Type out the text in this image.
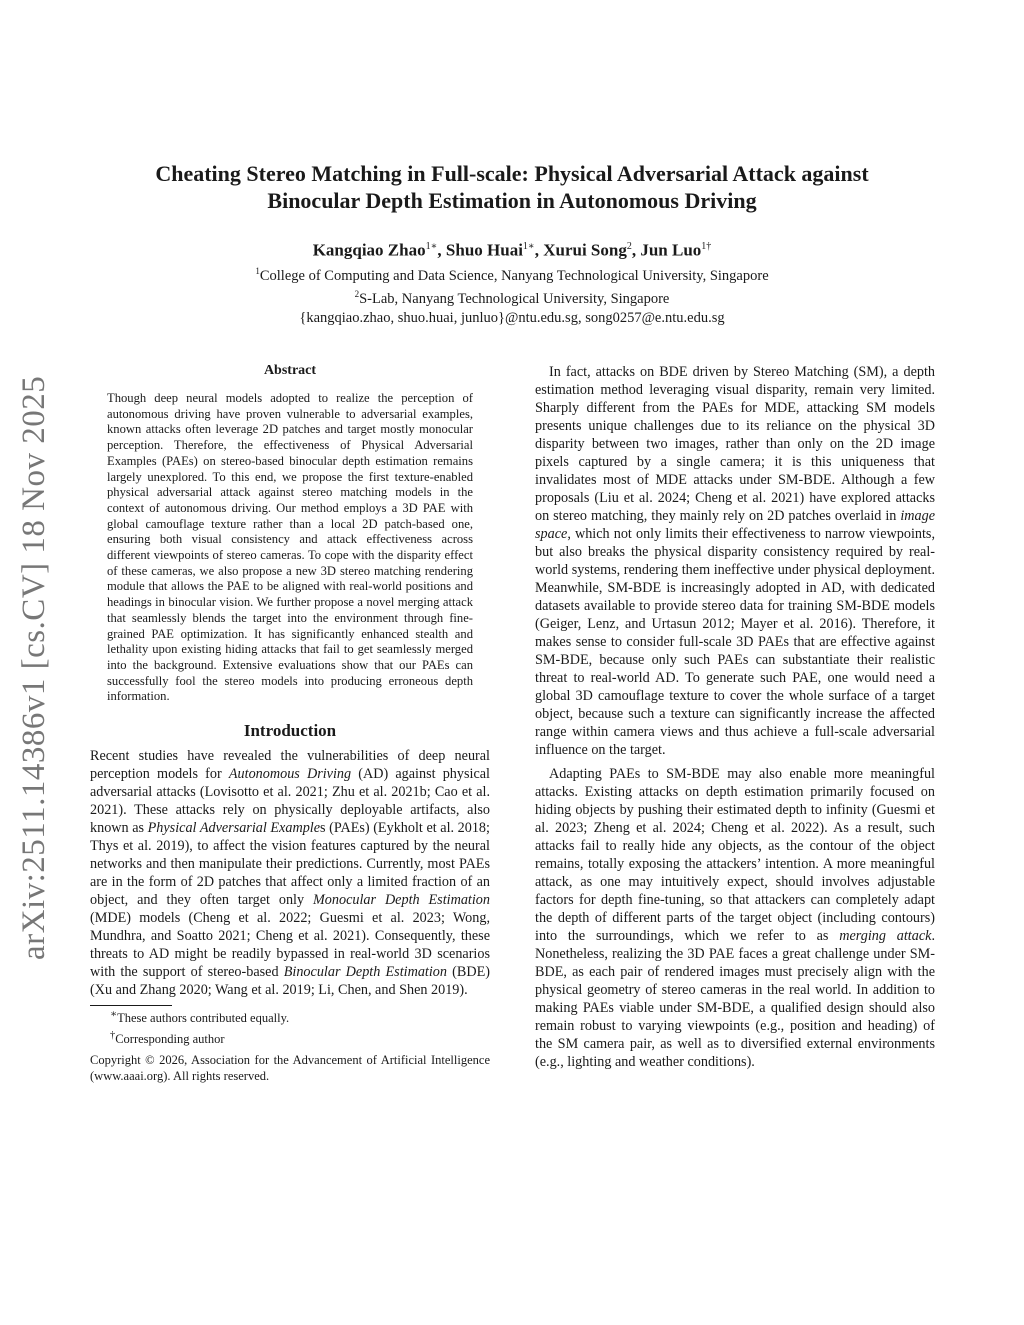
arXiv:2511.14386v1 [cs.CV] 18 Nov 2025
Cheating Stereo Matching in Full-scale: Physical Adversarial Attack against
Binocular Depth Estimation in Autonomous Driving
Kangqiao Zhao$^{1∗}$, Shuo Huai$^{1∗}$, Xurui Song$^2$, Jun Luo$^{1\dagger}$
$^1$College of Computing and Data Science, Nanyang Technological University, Singapore
$^2$S-Lab, Nanyang Technological University, Singapore
{kangqiao.zhao, shuo.huai, junluo}@ntu.edu.sg, song0257@e.ntu.edu.sg
Abstract

Though deep neural models adopted to realize the perception of autonomous driving have proven vulnerable to adversarial examples, known attacks often leverage 2D patches and target mostly monocular perception. Therefore, the effectiveness of Physical Adversarial Examples (PAEs) on stereo-based binocular depth estimation remains largely unexplored. To this end, we propose the first texture-enabled physical adversarial attack against stereo matching models in the context of autonomous driving. Our method employs a 3D PAE with global camouflage texture rather than a local 2D patch-based one, ensuring both visual consistency and attack effectiveness across different viewpoints of stereo cameras. To cope with the disparity effect of these cameras, we also propose a new 3D stereo matching rendering module that allows the PAE to be aligned with real-world positions and headings in binocular vision. We further propose a novel merging attack that seamlessly blends the target into the environment through fine-grained PAE optimization. It has significantly enhanced stealth and lethality upon existing hiding attacks that fail to get seamlessly merged into the background. Extensive evaluations show that our PAEs can successfully fool the stereo models into producing erroneous depth information.

Introduction

Recent studies have revealed the vulnerabilities of deep neural perception models for Autonomous Driving (AD) against physical adversarial attacks (Lovisotto et al. 2021; Zhu et al. 2021b; Cao et al. 2021). These attacks rely on physically deployable artifacts, also known as Physical Adversarial Examples (PAEs) (Eykholt et al. 2018; Thys et al. 2019), to affect the vision features captured by the neural networks and then manipulate their predictions. Currently, most PAEs are in the form of 2D patches that affect only a limited fraction of an object, and they often target only Monocular Depth Estimation (MDE) models (Cheng et al. 2022; Guesmi et al. 2023; Wong, Mundhra, and Soatto 2021; Cheng et al. 2021). Consequently, these threats to AD might be readily bypassed in real-world 3D scenarios with the support of stereo-based Binocular Depth Estimation (BDE) (Xu and Zhang 2020; Wang et al. 2019; Li, Chen, and Shen 2019).

∗These authors contributed equally.

†Corresponding author

Copyright © 2026, Association for the Advancement of Artificial Intelligence (www.aaai.org). All rights reserved.

In fact, attacks on BDE driven by Stereo Matching (SM), a depth estimation method leveraging visual disparity, remain very limited. Sharply different from the PAEs for MDE, attacking SM models presents unique challenges due to its reliance on the physical 3D disparity between two images, rather than only on the 2D image pixels captured by a single camera; it is this uniqueness that invalidates most of MDE attacks under SM-BDE. Although a few proposals (Liu et al. 2024; Cheng et al. 2021) have explored attacks on stereo matching, they mainly rely on 2D patches overlaid in image space, which not only limits their effectiveness to narrow viewpoints, but also breaks the physical disparity consistency required by real-world systems, rendering them ineffective under physical deployment. Meanwhile, SM-BDE is increasingly adopted in AD, with dedicated datasets available to provide stereo data for training SM-BDE models (Geiger, Lenz, and Urtasun 2012; Mayer et al. 2016). Therefore, it makes sense to consider full-scale 3D PAEs that are effective against SM-BDE, because only such PAEs can substantiate their realistic threat to real-world AD. To generate such PAE, one would need a global 3D camouflage texture to cover the whole surface of a target object, because such a texture can significantly increase the affected range within camera views and thus achieve a full-scale adversarial influence on the target.

Adapting PAEs to SM-BDE may also enable more meaningful attacks. Existing attacks on depth estimation primarily focused on hiding objects by pushing their estimated depth to infinity (Guesmi et al. 2023; Zheng et al. 2024; Cheng et al. 2022). As a result, such attacks fail to really hide any objects, as the contour of the object remains, totally exposing the attackers’ intention. A more meaningful attack, as one may intuitively expect, should involves adjustable factors for depth fine-tuning, so that attackers can completely adapt the depth of different parts of the target object (including contours) into the surroundings, which we refer to as merging attack. Nonetheless, realizing the 3D PAE faces a great challenge under SM-BDE, as each pair of rendered images must precisely align with the physical geometry of stereo cameras in the real world. In addition to making PAEs viable under SM-BDE, a qualified design should also remain robust to varying viewpoints (e.g., position and heading) of the SM camera pair, as well as to diversified external environments (e.g., lighting and weather conditions).
